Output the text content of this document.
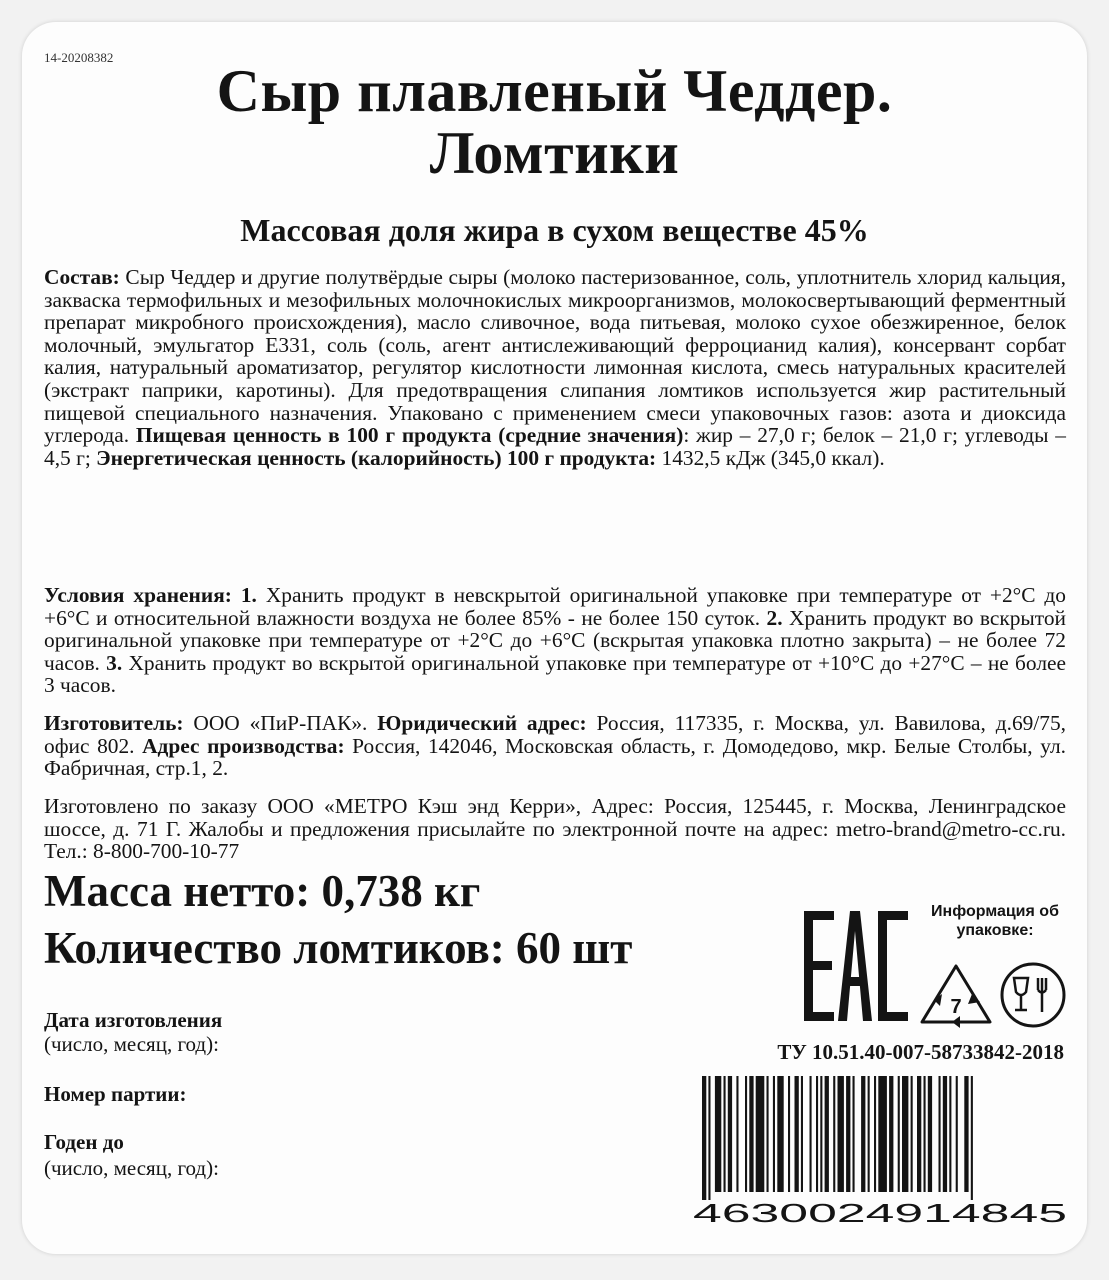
14-20208382
Сыр плавленый Чеддер.
Ломтики
Массовая доля жира в сухом веществе 45%
Состав: Сыр Чеддер и другие полутвёрдые сыры (молоко пастеризованное, соль, уплотнитель хлорид кальция, закваска термофильных и мезофильных молочнокислых микроорганизмов, молокосвертывающий ферментный препарат микробного происхождения), масло сливочное, вода питьевая, молоко сухое обезжиренное, белок молочный, эмульгатор E331, соль (соль, агент антислеживающий ферроцианид калия), консервант сорбат калия, натуральный ароматизатор, регулятор кислотности лимонная кислота, смесь натуральных красителей (экстракт паприки, каротины). Для предотвращения слипания ломтиков используется жир растительный пищевой специального назначения. Упаковано с применением смеси упаковочных газов: азота и диоксида углерода. Пищевая ценность в 100 г продукта (средние значения): жир – 27,0 г; белок – 21,0 г; углеводы – 4,5 г; Энергетическая ценность (калорийность) 100 г продукта: 1432,5 кДж (345,0 ккал).
Условия хранения: 1. Хранить продукт в невскрытой оригинальной упаковке при температуре от +2°С до +6°С и относительной влажности воздуха не более 85% - не более 150 суток. 2. Хранить продукт во вскрытой оригинальной упаковке при температуре от +2°С до +6°С (вскрытая упаковка плотно закрыта) – не более 72 часов. 3. Хранить продукт во вскрытой оригинальной упаковке при температуре от +10°С до +27°С – не более 3 часов.
Изготовитель: ООО «ПиР-ПАК». Юридический адрес: Россия, 117335, г. Москва, ул. Вавилова, д.69/75, офис 802. Адрес производства: Россия, 142046, Московская область, г. Домодедово, мкр. Белые Столбы, ул. Фабричная, стр.1, 2.
Изготовлено по заказу ООО «МЕТРО Кэш энд Керри», Адрес: Россия, 125445, г. Москва, Ленинградское шоссе, д. 71 Г. Жалобы и предложения присылайте по электронной почте на адрес: metro-brand@metro-cc.ru. Тел.: 8-800-700-10-77
Масса нетто: 0,738 кг
Количество ломтиков: 60 шт
Дата изготовления
(число, месяц, год):
Номер партии:
Годен до
(число, месяц, год):
EAC	Информация об упаковке:
7
ТУ 10.51.40-007-58733842-2018
4630024914845
